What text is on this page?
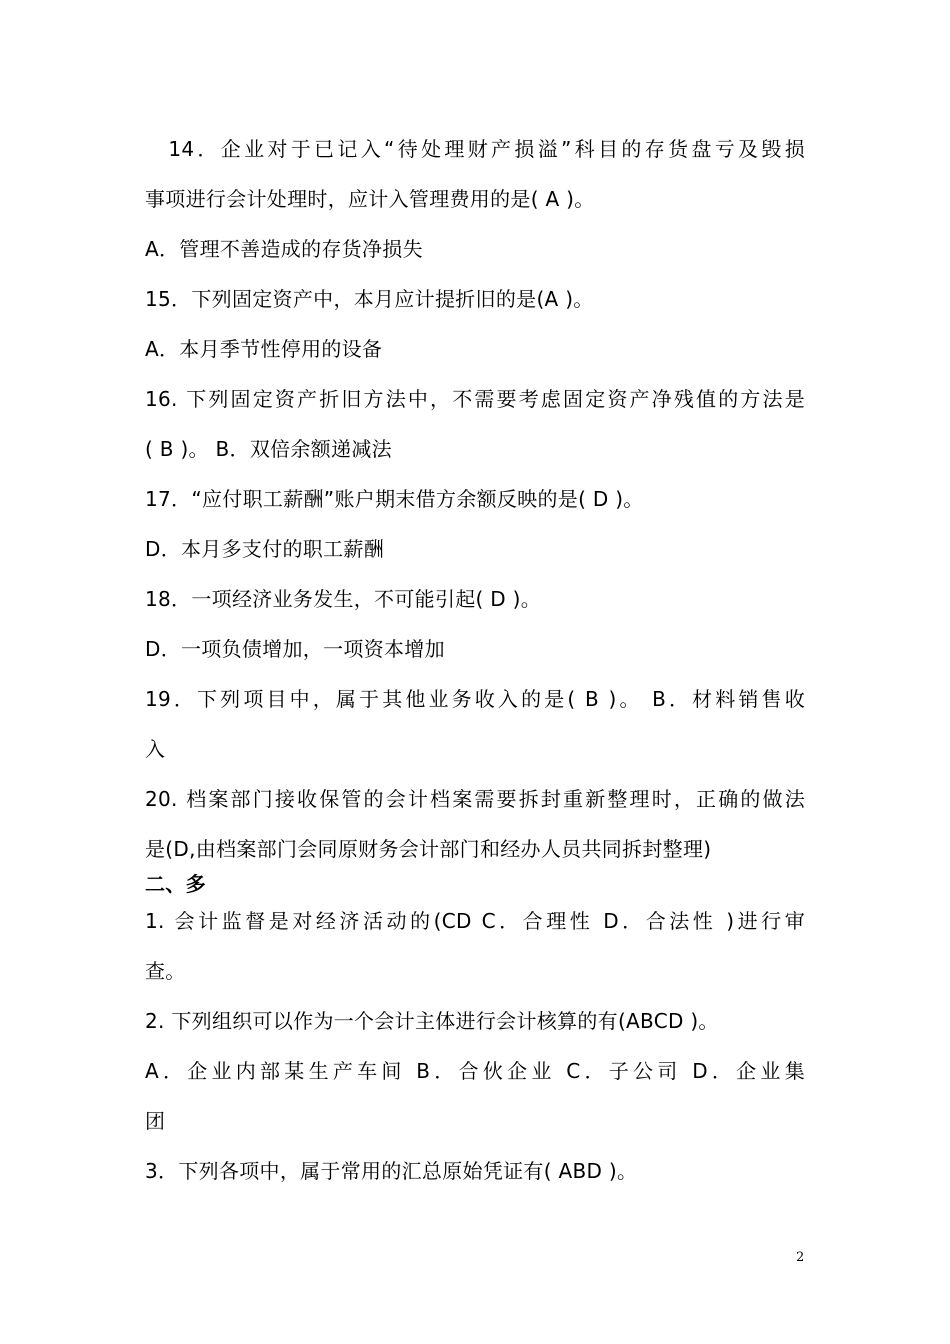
　14．企业对于已记入“待处理财产损溢”科目的存货盘亏及毁损
事项进行会计处理时，应计入管理费用的是( A )。
A．管理不善造成的存货净损失
15．下列固定资产中，本月应计提折旧的是(A )。
A．本月季节性停用的设备
16. 下列固定资产折旧方法中，不需要考虑固定资产净残值的方法是
( B )。 B．双倍余额递减法
17．“应付职工薪酬”账户期末借方余额反映的是( D )。
D．本月多支付的职工薪酬
18．一项经济业务发生，不可能引起( D )。
D．一项负债增加，一项资本增加
19．下列项目中，属于其他业务收入的是( B )。 B．材料销售收
入
20. 档案部门接收保管的会计档案需要拆封重新整理时，正确的做法
是(D,由档案部门会同原财务会计部门和经办人员共同拆封整理)
二、多
1. 会计监督是对经济活动的(CD C．合理性 D．合法性 )进行审
查。
2. 下列组织可以作为一个会计主体进行会计核算的有(ABCD )。
A．企业内部某生产车间 B．合伙企业 C．子公司 D．企业集
团
3．下列各项中，属于常用的汇总原始凭证有( ABD )。
2
